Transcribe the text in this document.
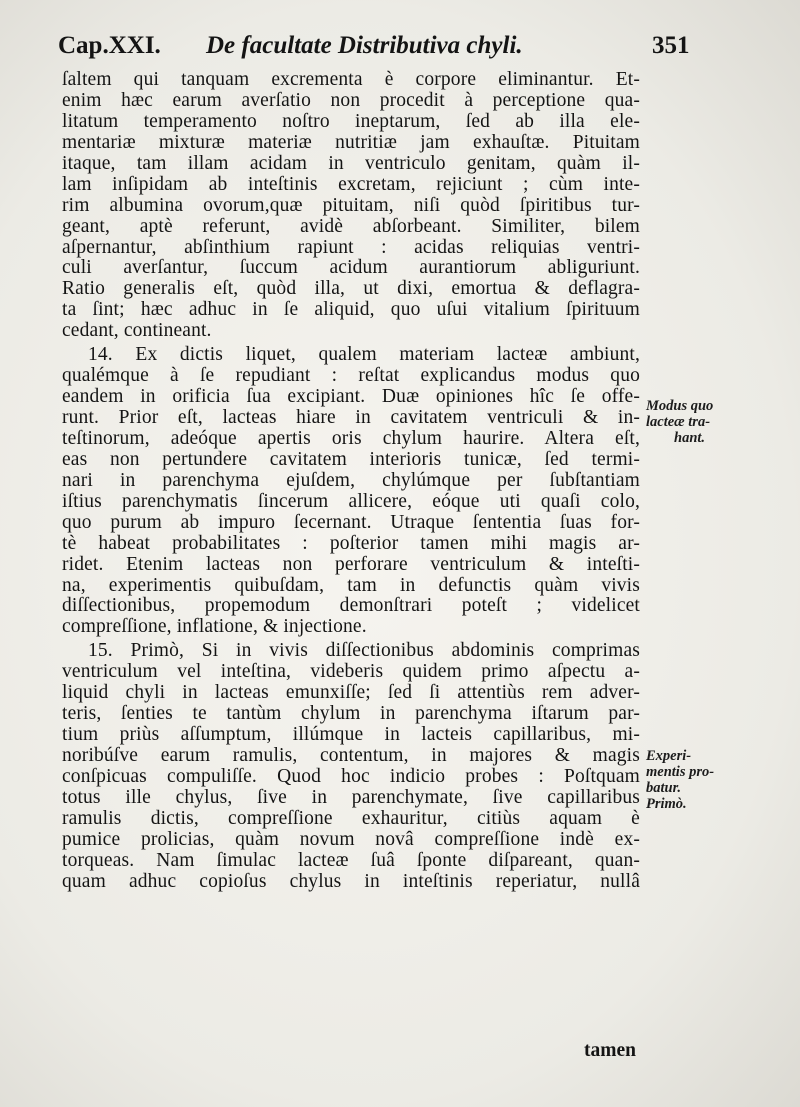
Cap.XXI. De facultate Distributiva chyli.	351
ſaltem qui tanquam excrementa è corpore eliminantur. Et-
enim hæc earum averſatio non procedit à perceptione qua-
litatum temperamento noſtro ineptarum, ſed ab illa ele-
mentariæ mixturæ materiæ nutritiæ jam exhauſtæ. Pituitam
itaque, tam illam acidam in ventriculo genitam, quàm il-
lam inſipidam ab inteſtinis excretam, rejiciunt ; cùm inte-
rim albumina ovorum,quæ pituitam, niſi quòd ſpiritibus tur-
geant, aptè referunt, avidè abſorbeant. Similiter, bilem
aſpernantur, abſinthium rapiunt : acidas reliquias ventri-
culi averſantur, ſuccum acidum aurantiorum abliguriunt.
Ratio generalis eſt, quòd illa, ut dixi, emortua & deflagra-
ta ſint; hæc adhuc in ſe aliquid, quo uſui vitalium ſpirituum
cedant, contineant.
14. Ex dictis liquet, qualem materiam lacteæ ambiunt,
qualémque à ſe repudiant : reſtat explicandus modus quo
eandem in orificia ſua excipiant. Duæ opiniones hîc ſe offe-
runt. Prior eſt, lacteas hiare in cavitatem ventriculi & in-
teſtinorum, adeóque apertis oris chylum haurire. Altera eſt,
eas non pertundere cavitatem interioris tunicæ, ſed termi-
nari in parenchyma ejuſdem, chylúmque per ſubſtantiam
iſtius parenchymatis ſincerum allicere, eóque uti quaſi colo,
quo purum ab impuro ſecernant. Utraque ſententia ſuas for-
tè habeat probabilitates : poſterior tamen mihi magis ar-
ridet. Etenim lacteas non perforare ventriculum & inteſti-
na, experimentis quibuſdam, tam in defunctis quàm vivis
diſſectionibus, propemodum demonſtrari poteſt ; videlicet
compreſſione, inflatione, & injectione.
15. Primò, Si in vivis diſſectionibus abdominis comprimas
ventriculum vel inteſtina, videberis quidem primo aſpectu a-
liquid chyli in lacteas emunxiſſe; ſed ſi attentiùs rem adver-
teris, ſenties te tantùm chylum in parenchyma iſtarum par-
tium priùs aſſumptum, illúmque in lacteis capillaribus, mi-
noribúſve earum ramulis, contentum, in majores & magis
conſpicuas compuliſſe. Quod hoc indicio probes : Poſtquam
totus ille chylus, ſive in parenchymate, ſive capillaribus
ramulis dictis, compreſſione exhauritur, citiùs aquam è
pumice prolicias, quàm novum novâ compreſſione indè ex-
torqueas. Nam ſimulac lacteæ ſuâ ſponte diſpareant, quan-
quam adhuc copioſus chylus in inteſtinis reperiatur, nullâ
Modus quo
lacteæ tra-
hant.
Experi-
mentis pro-
batur.
Primò.
tamen
